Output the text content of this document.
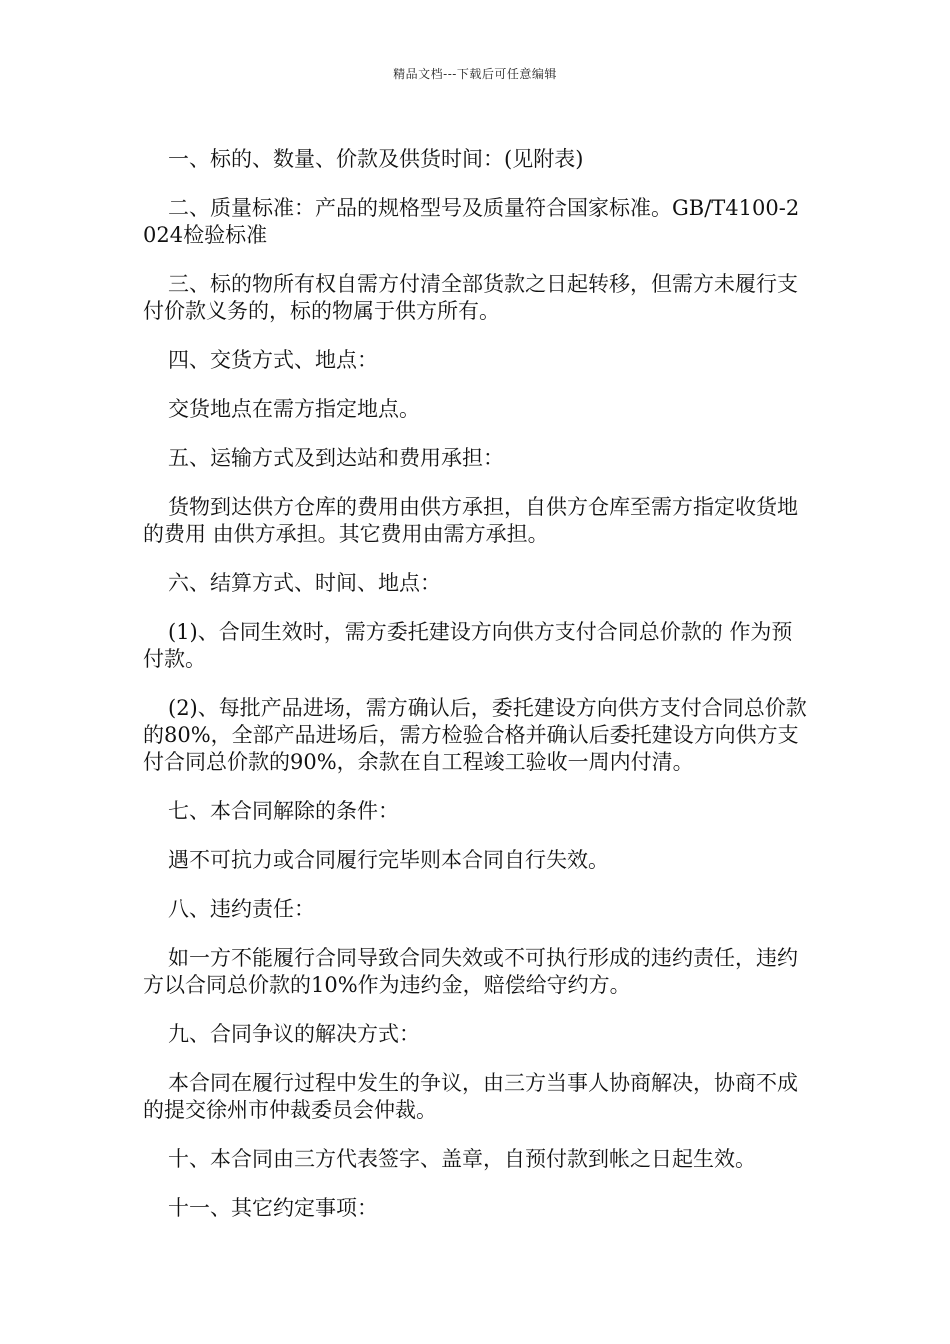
精品文档---下载后可任意编辑

一、标的、数量、价款及供货时间：(见附表)

二、质量标准：产品的规格型号及质量符合国家标准。GB/T4100-2024检验标准

三、标的物所有权自需方付清全部货款之日起转移，但需方未履行支付价款义务的，标的物属于供方所有。

四、交货方式、地点：

交货地点在需方指定地点。

五、运输方式及到达站和费用承担：

货物到达供方仓库的费用由供方承担，自供方仓库至需方指定收货地的费用 由供方承担。其它费用由需方承担。

六、结算方式、时间、地点：

(1)、合同生效时，需方委托建设方向供方支付合同总价款的 作为预付款。

(2)、每批产品进场，需方确认后，委托建设方向供方支付合同总价款的80%，全部产品进场后，需方检验合格并确认后委托建设方向供方支付合同总价款的90%，余款在自工程竣工验收一周内付清。

七、本合同解除的条件：

遇不可抗力或合同履行完毕则本合同自行失效。

八、违约责任：

如一方不能履行合同导致合同失效或不可执行形成的违约责任，违约方以合同总价款的10%作为违约金，赔偿给守约方。

九、合同争议的解决方式：

本合同在履行过程中发生的争议，由三方当事人协商解决，协商不成的提交徐州市仲裁委员会仲裁。

十、本合同由三方代表签字、盖章，自预付款到帐之日起生效。

十一、其它约定事项：
